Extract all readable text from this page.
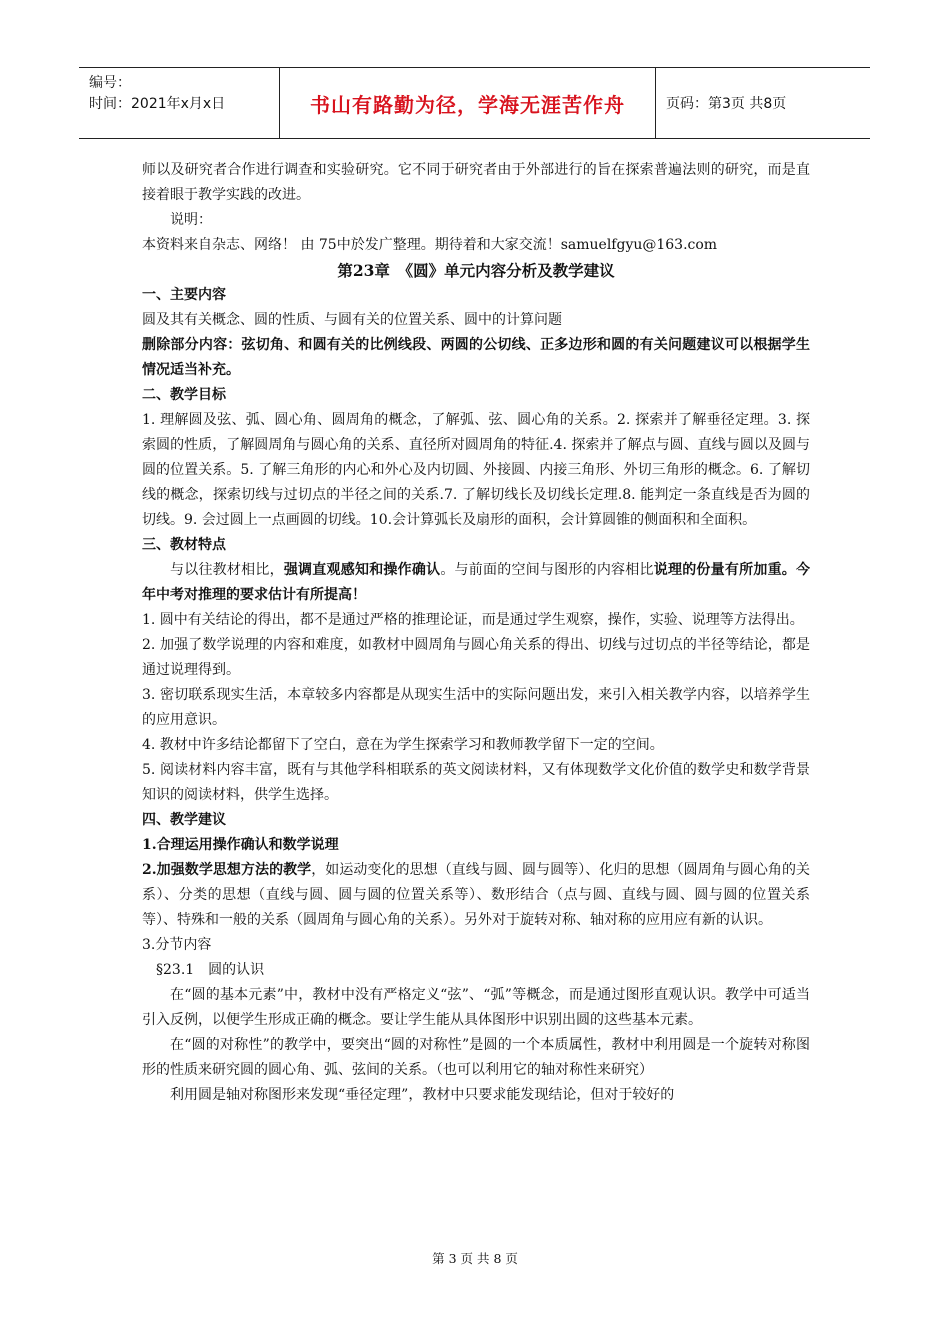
编号：
时间：2021年x月x日	书山有路勤为径，学海无涯苦作舟	页码：第3页 共8页

师以及研究者合作进行调查和实验研究。它不同于研究者由于外部进行的旨在探索普遍法则的研究，而是直接着眼于教学实践的改进。

说明：

本资料来自杂志、网络！ 由 75中於发广整理。期待着和大家交流！samuelfgyu@163.com

第23章　《圆》单元内容分析及教学建议

一、主要内容

圆及其有关概念、圆的性质、与圆有关的位置关系、圆中的计算问题

删除部分内容：弦切角、和圆有关的比例线段、两圆的公切线、正多边形和圆的有关问题建议可以根据学生情况适当补充。

二、教学目标

1. 理解圆及弦、弧、圆心角、圆周角的概念，了解弧、弦、圆心角的关系。2. 探索并了解垂径定理。3. 探索圆的性质，了解圆周角与圆心角的关系、直径所对圆周角的特征.4. 探索并了解点与圆、直线与圆以及圆与圆的位置关系。5. 了解三角形的内心和外心及内切圆、外接圆、内接三角形、外切三角形的概念。6. 了解切线的概念，探索切线与过切点的半径之间的关系.7. 了解切线长及切线长定理.8. 能判定一条直线是否为圆的切线。9. 会过圆上一点画圆的切线。10.会计算弧长及扇形的面积，会计算圆锥的侧面积和全面积。

三、教材特点

与以往教材相比，强调直观感知和操作确认。与前面的空间与图形的内容相比说理的份量有所加重。今年中考对推理的要求估计有所提高！

1. 圆中有关结论的得出，都不是通过严格的推理论证，而是通过学生观察，操作，实验、说理等方法得出。

2. 加强了数学说理的内容和难度，如教材中圆周角与圆心角关系的得出、切线与过切点的半径等结论，都是通过说理得到。

3. 密切联系现实生活，本章较多内容都是从现实生活中的实际问题出发，来引入相关教学内容，以培养学生的应用意识。

4. 教材中许多结论都留下了空白，意在为学生探索学习和教师教学留下一定的空间。

5. 阅读材料内容丰富，既有与其他学科相联系的英文阅读材料，又有体现数学文化价值的数学史和数学背景知识的阅读材料，供学生选择。

四、教学建议

1.合理运用操作确认和数学说理

2.加强数学思想方法的教学，如运动变化的思想（直线与圆、圆与圆等）、化归的思想（圆周角与圆心角的关系）、分类的思想（直线与圆、圆与圆的位置关系等）、数形结合（点与圆、直线与圆、圆与圆的位置关系等）、特殊和一般的关系（圆周角与圆心角的关系）。另外对于旋转对称、轴对称的应用应有新的认识。

3.分节内容

§23.1　圆的认识

在“圆的基本元素”中，教材中没有严格定义“弦”、“弧”等概念，而是通过图形直观认识。教学中可适当引入反例，以便学生形成正确的概念。要让学生能从具体图形中识别出圆的这些基本元素。

在“圆的对称性”的教学中，要突出“圆的对称性”是圆的一个本质属性，教材中利用圆是一个旋转对称图形的性质来研究圆的圆心角、弧、弦间的关系。（也可以利用它的轴对称性来研究）

利用圆是轴对称图形来发现“垂径定理”，教材中只要求能发现结论，但对于较好的

第 3 页 共 8 页
